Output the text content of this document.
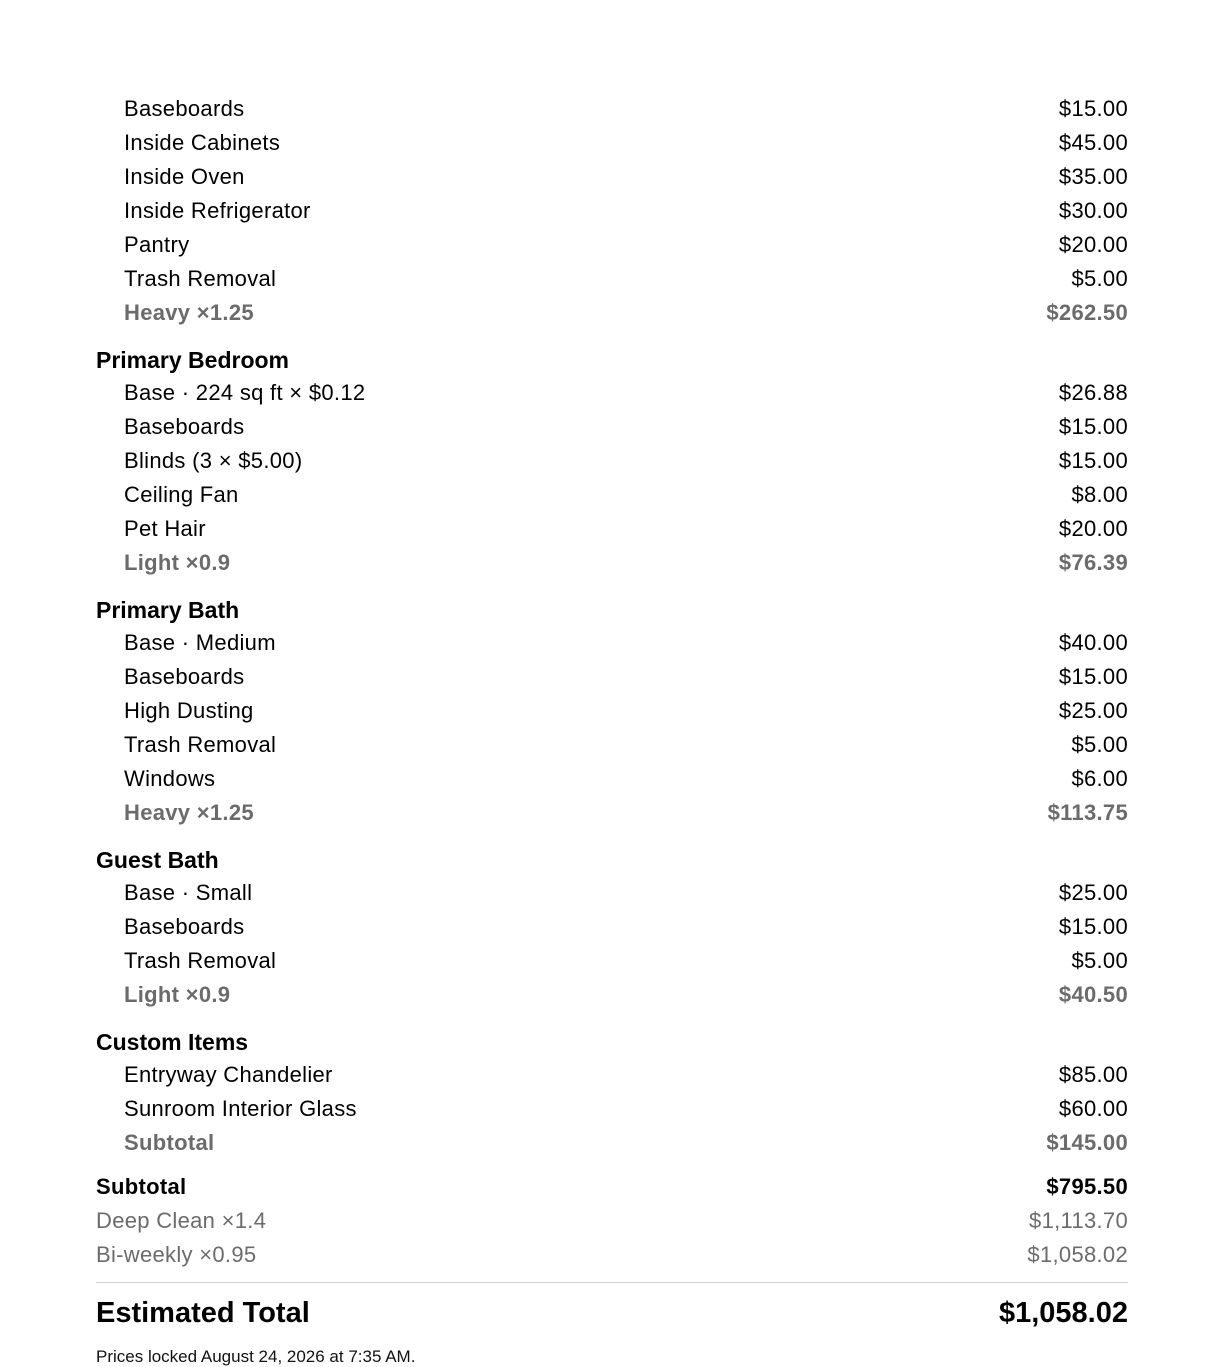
Baseboards	$15.00
Inside Cabinets	$45.00
Inside Oven	$35.00
Inside Refrigerator	$30.00
Pantry	$20.00
Trash Removal	$5.00
Heavy ×1.25	$262.50
Primary Bedroom
Base · 224 sq ft × $0.12	$26.88
Baseboards	$15.00
Blinds (3 × $5.00)	$15.00
Ceiling Fan	$8.00
Pet Hair	$20.00
Light ×0.9	$76.39
Primary Bath
Base · Medium	$40.00
Baseboards	$15.00
High Dusting	$25.00
Trash Removal	$5.00
Windows	$6.00
Heavy ×1.25	$113.75
Guest Bath
Base · Small	$25.00
Baseboards	$15.00
Trash Removal	$5.00
Light ×0.9	$40.50
Custom Items
Entryway Chandelier	$85.00
Sunroom Interior Glass	$60.00
Subtotal	$145.00
Subtotal	$795.50
Deep Clean ×1.4	$1,113.70
Bi-weekly ×0.95	$1,058.02
Estimated Total	$1,058.02
Prices locked August 24, 2026 at 7:35 AM.
